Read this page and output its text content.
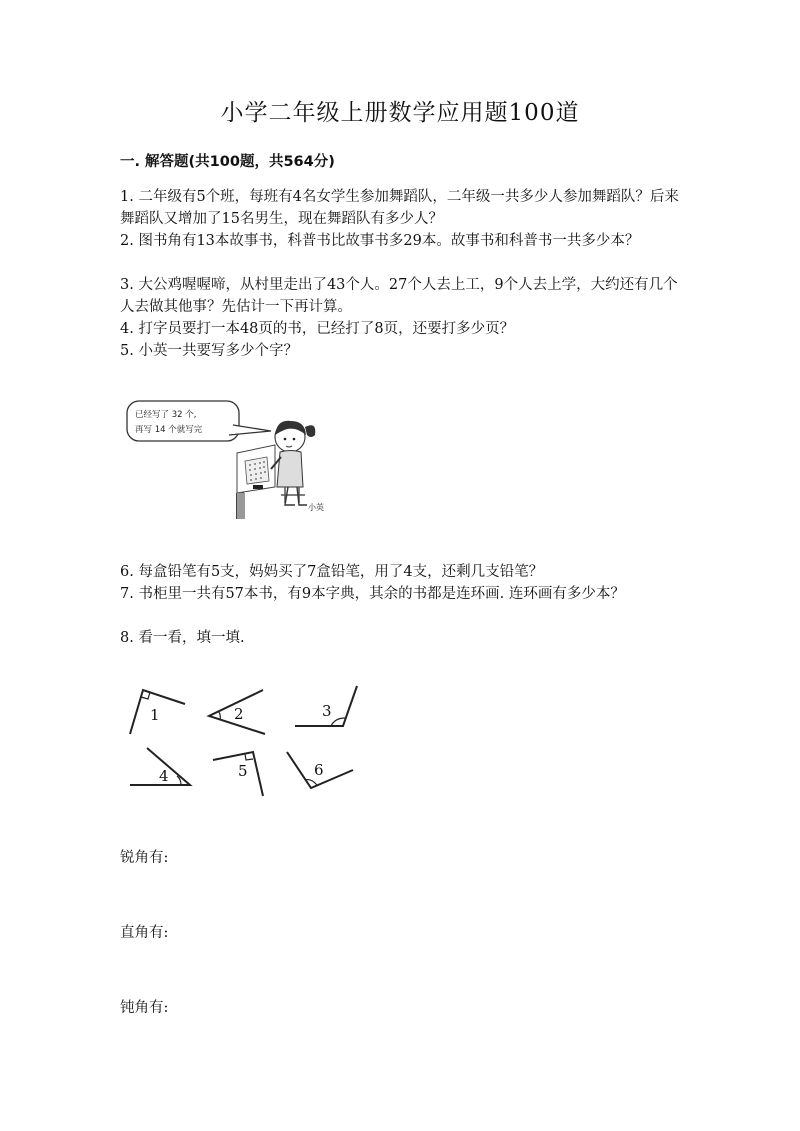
小学二年级上册数学应用题100道
一. 解答题(共100题，共564分)
1. 二年级有5个班，每班有4名女学生参加舞蹈队，二年级一共多少人参加舞蹈队？后来舞蹈队又增加了15名男生，现在舞蹈队有多少人？
2. 图书角有13本故事书，科普书比故事书多29本。故事书和科普书一共多少本？
3. 大公鸡喔喔啼，从村里走出了43个人。27个人去上工，9个人去上学，大约还有几个人去做其他事？先估计一下再计算。
4. 打字员要打一本48页的书，已经打了8页，还要打多少页？
5. 小英一共要写多少个字？
已经写了 32 个,
再写 14 个就写完
小英
6. 每盒铅笔有5支，妈妈买了7盒铅笔，用了4支，还剩几支铅笔？
7. 书柜里一共有57本书，有9本字典，其余的书都是连环画. 连环画有多少本？
8. 看一看，填一填.
1	2	3
4	5	6
锐角有:
直角有:
钝角有:
